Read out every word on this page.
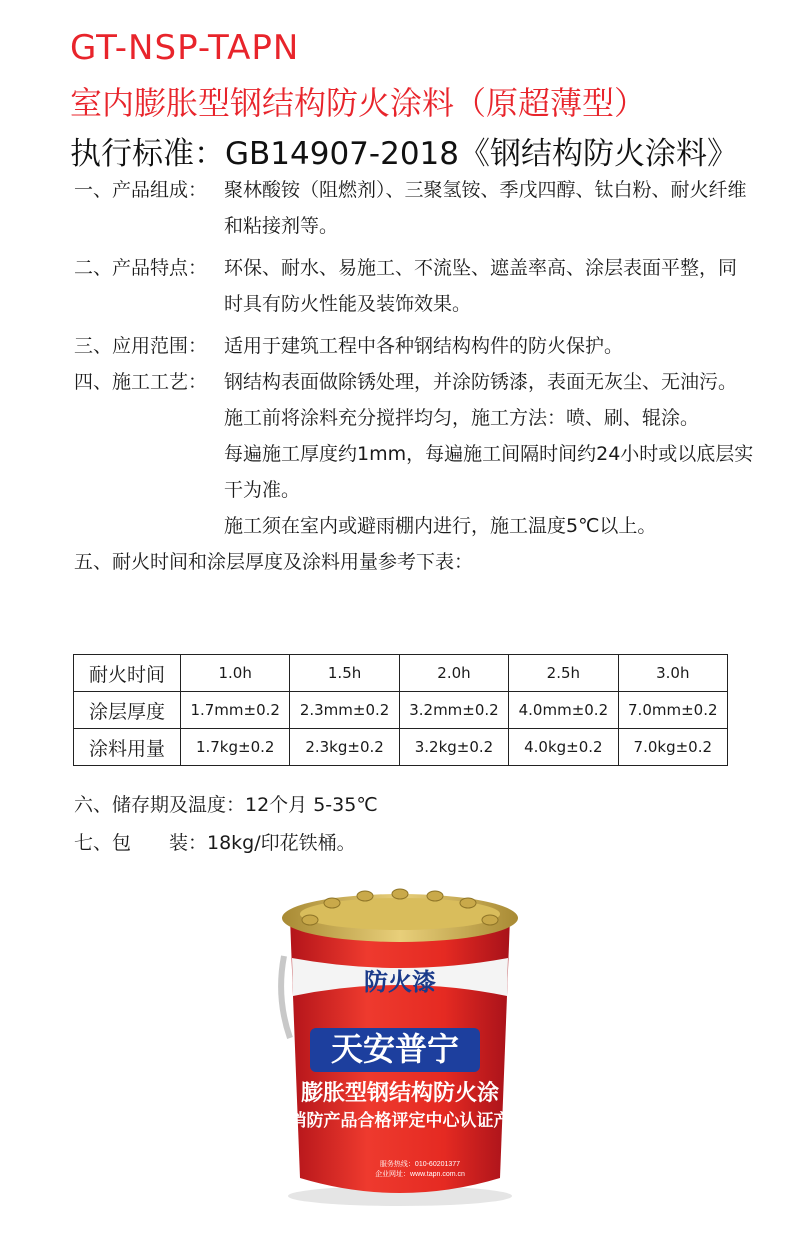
GT-NSP-TAPN
室内膨胀型钢结构防火涂料（原超薄型）
执行标准：GB14907-2018《钢结构防火涂料》
一、产品组成： 聚林酸铵（阻燃剂）、三聚氢铵、季戊四醇、钛白粉、耐火纤维和粘接剂等。

二、产品特点： 环保、耐水、易施工、不流坠、遮盖率高、涂层表面平整，同时具有防火性能及装饰效果。

三、应用范围： 适用于建筑工程中各种钢结构构件的防火保护。

四、施工工艺： 钢结构表面做除锈处理，并涂防锈漆，表面无灰尘、无油污。

施工前将涂料充分搅拌均匀，施工方法：喷、刷、辊涂。

每遍施工厚度约1mm，每遍施工间隔时间约24小时或以底层实干为准。

施工须在室内或避雨棚内进行，施工温度5℃以上。

五、耐火时间和涂层厚度及涂料用量参考下表：
耐火时间	1.0h	1.5h	2.0h	2.5h	3.0h
涂层厚度	1.7mm±0.2	2.3mm±0.2	3.2mm±0.2	4.0mm±0.2	7.0mm±0.2
涂料用量	1.7kg±0.2	2.3kg±0.2	3.2kg±0.2	4.0kg±0.2	7.0kg±0.2
六、储存期及温度：12个月 5-35℃
七、包　　装：18kg/印花铁桶。
防火漆
天安普宁
膨胀型钢结构防火涂
消防产品合格评定中心认证产
服务热线：010-60201377
企业网址：www.tapn.com.cn
